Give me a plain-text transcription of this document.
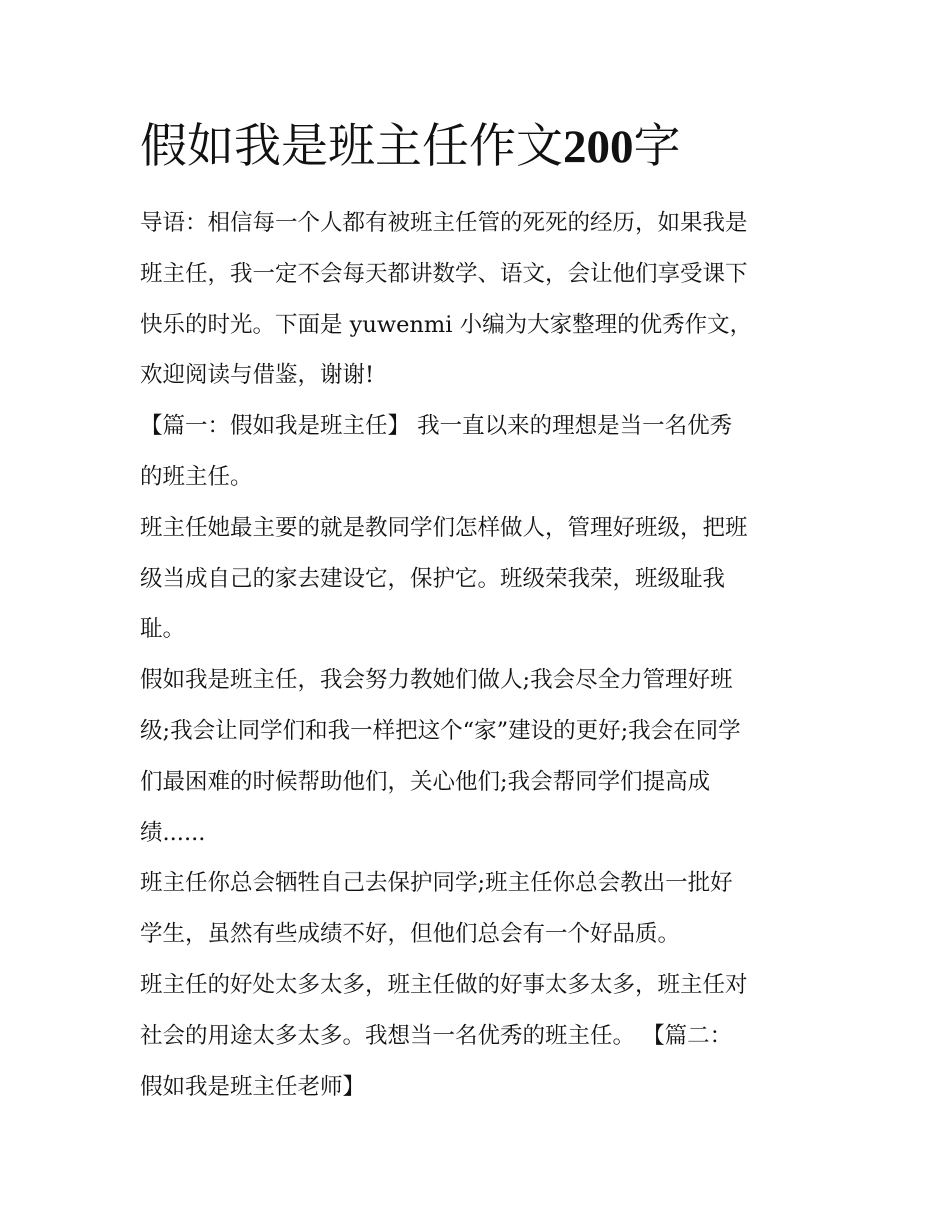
假如我是班主任作文200字
导语：相信每一个人都有被班主任管的死死的经历，如果我是
班主任，我一定不会每天都讲数学、语文，会让他们享受课下
快乐的时光。下面是 yuwenmi 小编为大家整理的优秀作文，
欢迎阅读与借鉴，谢谢!
【篇一：假如我是班主任】 我一直以来的理想是当一名优秀
的班主任。
班主任她最主要的就是教同学们怎样做人，管理好班级，把班
级当成自己的家去建设它，保护它。班级荣我荣，班级耻我
耻。
假如我是班主任，我会努力教她们做人;我会尽全力管理好班
级;我会让同学们和我一样把这个“家”建设的更好;我会在同学
们最困难的时候帮助他们，关心他们;我会帮同学们提高成
绩......
班主任你总会牺牲自己去保护同学;班主任你总会教出一批好
学生，虽然有些成绩不好，但他们总会有一个好品质。
班主任的好处太多太多，班主任做的好事太多太多，班主任对
社会的用途太多太多。我想当一名优秀的班主任。 【篇二：
假如我是班主任老师】
